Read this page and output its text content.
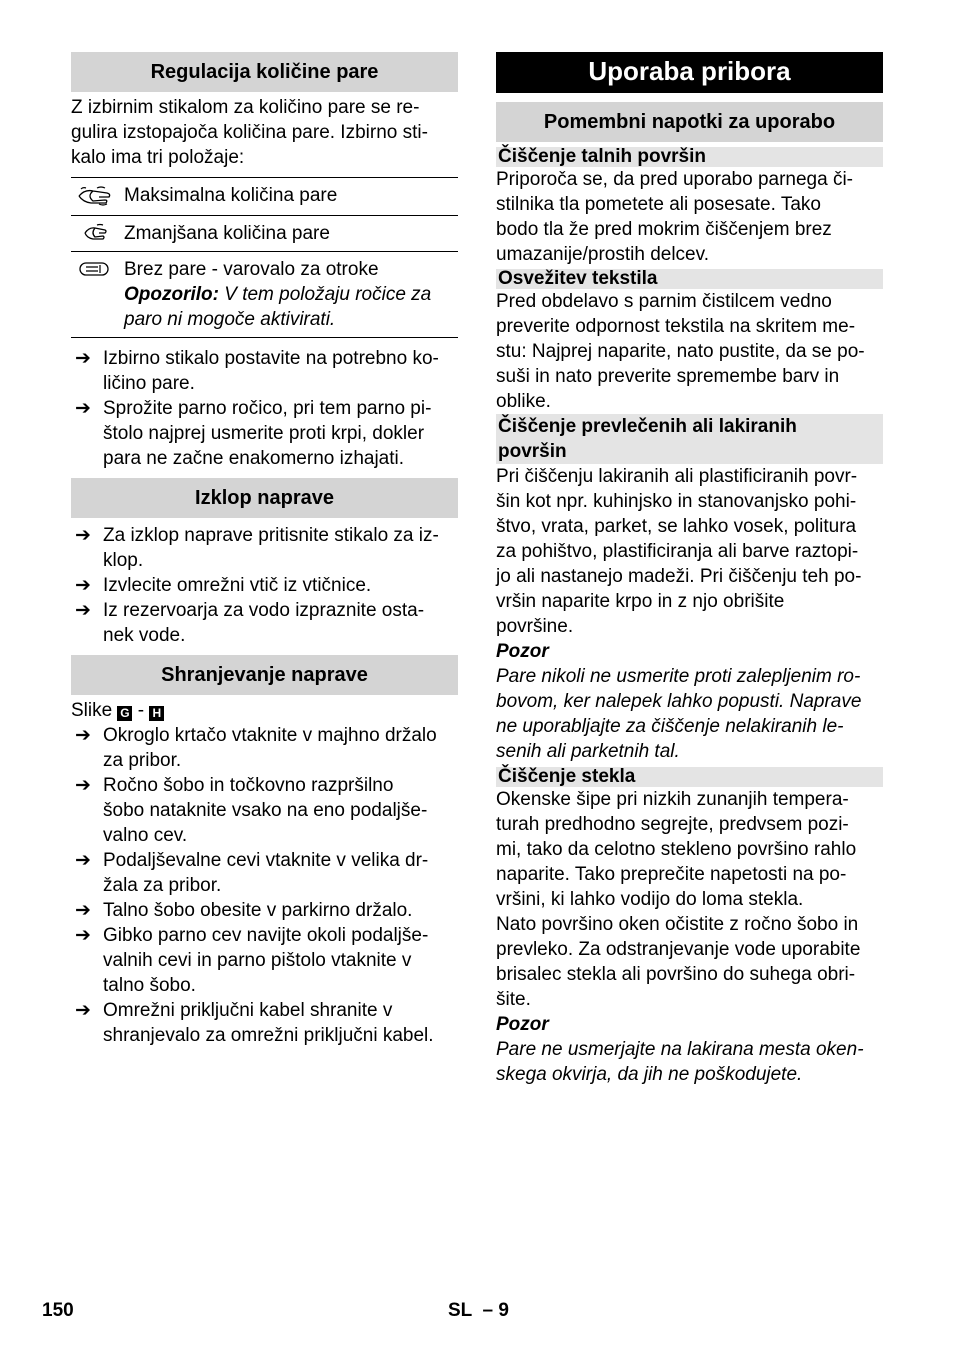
Regulacija količine pare

Z izbirnim stikalom za količino pare se re-
gulira izstopajoča količina pare. Izbirno sti-
kalo ima tri položaje:

	Maksimalna količina pare
	Zmanjšana količina pare
	Brez pare - varovalo za otroke
Opozorilo: V tem položaju ročice za
paro ni mogoče aktivirati.
➔ Izbirno stikalo postavite na potrebno ko-
ličino pare.
➔ Sprožite parno ročico, pri tem parno pi-
štolo najprej usmerite proti krpi, dokler
para ne začne enakomerno izhajati.
Izklop naprave
➔ Za izklop naprave pritisnite stikalo za iz-
klop.
➔ Izvlecite omrežni vtič iz vtičnice.
➔ Iz rezervoarja za vodo izpraznite osta-
nek vode.
Shranjevanje naprave

Slike G - H

➔ Okroglo krtačo vtaknite v majhno držalo
za pribor.
➔ Ročno šobo in točkovno razpršilno
šobo nataknite vsako na eno podaljše-
valno cev.
➔ Podaljševalne cevi vtaknite v velika dr-
žala za pribor.
➔ Talno šobo obesite v parkirno držalo.
➔ Gibko parno cev navijte okoli podaljše-
valnih cevi in parno pištolo vtaknite v
talno šobo.
➔ Omrežni priključni kabel shranite v
shranjevalo za omrežni priključni kabel.
Uporaba pribora
Pomembni napotki za uporabo
Čiščenje talnih površin

Priporoča se, da pred uporabo parnega či-
stilnika tla pometete ali posesate. Tako
bodo tla že pred mokrim čiščenjem brez
umazanije/prostih delcev.

Osvežitev tekstila

Pred obdelavo s parnim čistilcem vedno
preverite odpornost tekstila na skritem me-
stu: Najprej naparite, nato pustite, da se po-
suši in nato preverite spremembe barv in
oblike.

Čiščenje prevlečenih ali lakiranih
površin

Pri čiščenju lakiranih ali plastificiranih povr-
šin kot npr. kuhinjsko in stanovanjsko pohi-
štvo, vrata, parket, se lahko vosek, politura
za pohištvo, plastificiranja ali barve raztopi-
jo ali nastanejo madeži. Pri čiščenju teh po-
vršin naparite krpo in z njo obrišite
površine.

Pozor

Pare nikoli ne usmerite proti zalepljenim ro-
bovom, ker nalepek lahko popusti. Naprave
ne uporabljajte za čiščenje nelakiranih le-
senih ali parketnih tal.

Čiščenje stekla

Okenske šipe pri nizkih zunanjih tempera-
turah predhodno segrejte, predvsem pozi-
mi, tako da celotno stekleno površino rahlo
naparite. Tako preprečite napetosti na po-
vršini, ki lahko vodijo do loma stekla.
Nato površino oken očistite z ročno šobo in
prevleko. Za odstranjevanje vode uporabite
brisalec stekla ali površino do suhega obri-
šite.

Pozor

Pare ne usmerjajte na lakirana mesta oken-
skega okvirja, da jih ne poškodujete.

150	SL  – 9
